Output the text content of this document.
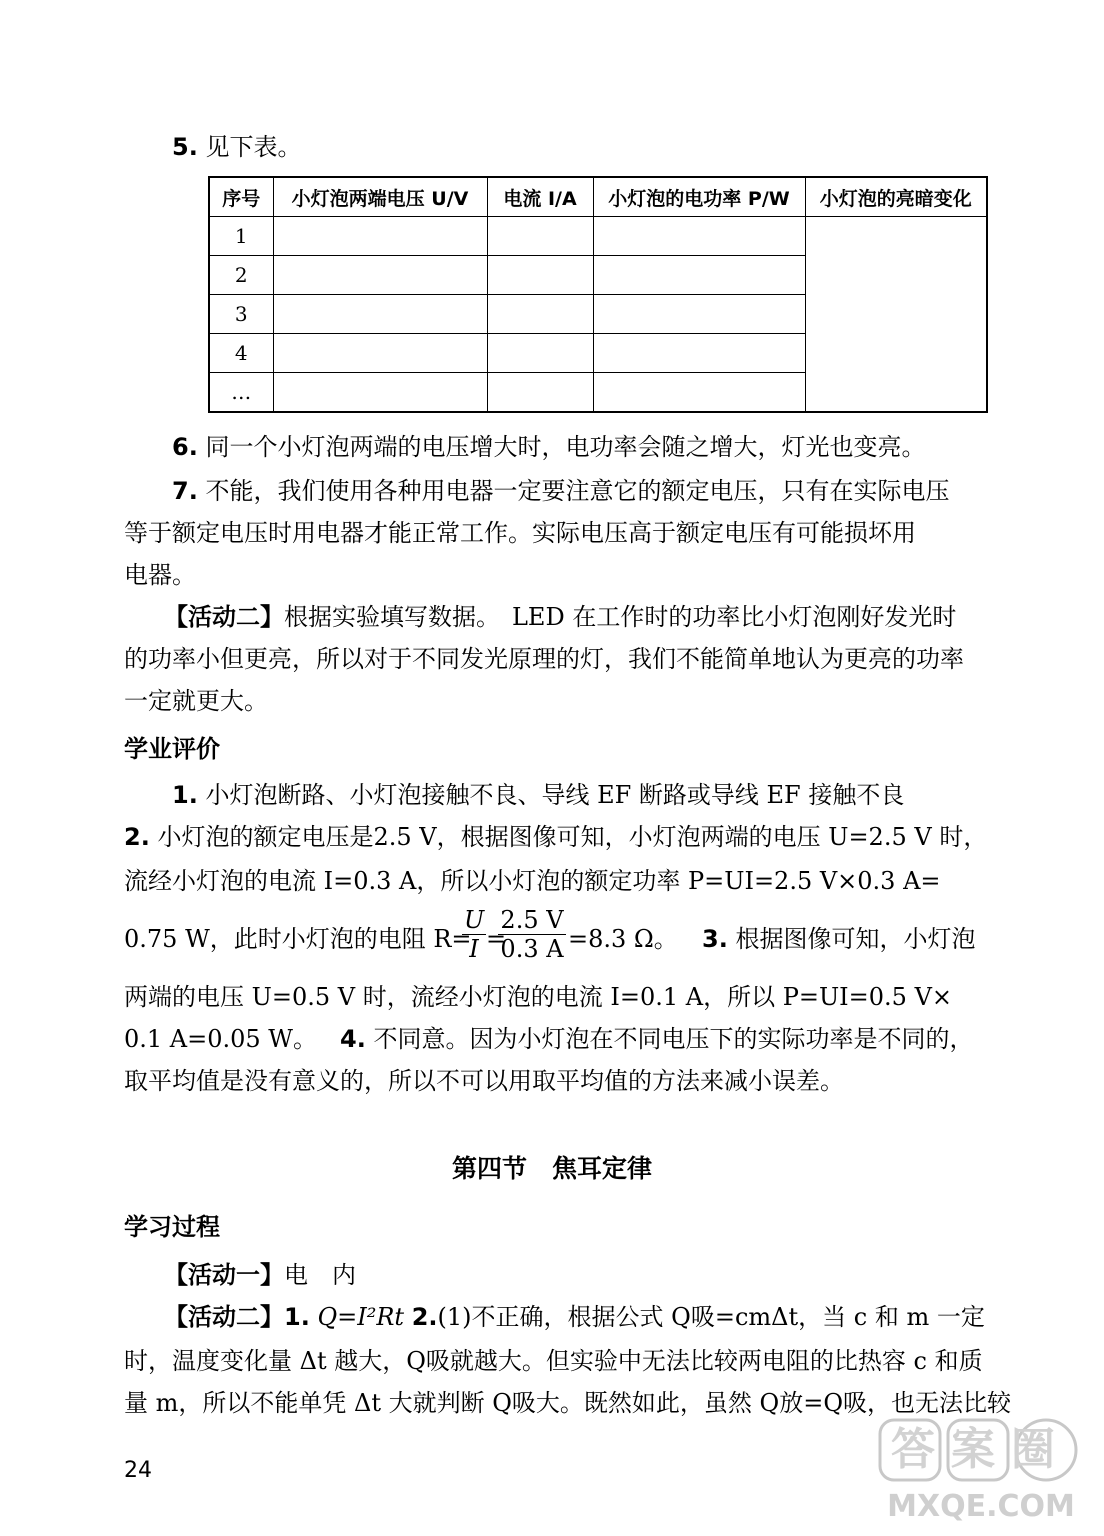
5. 见下表。
序号	小灯泡两端电压 U/V	电流 I/A	小灯泡的电功率 P/W	小灯泡的亮暗变化
1				
2				
3				
4				
…				
6. 同一个小灯泡两端的电压增大时，电功率会随之增大，灯光也变亮。
7. 不能，我们使用各种用电器一定要注意它的额定电压，只有在实际电压
等于额定电压时用电器才能正常工作。实际电压高于额定电压有可能损坏用
电器。
【活动二】根据实验填写数据。　LED 在工作时的功率比小灯泡刚好发光时
的功率小但更亮，所以对于不同发光原理的灯，我们不能简单地认为更亮的功率
一定就更大。
学业评价
1. 小灯泡断路、小灯泡接触不良、导线 EF 断路或导线 EF 接触不良
2. 小灯泡的额定电压是2.5 V，根据图像可知，小灯泡两端的电压 U=2.5 V 时，
流经小灯泡的电流 I=0.3 A，所以小灯泡的额定功率 P=UI=2.5 V×0.3 A=
0.75 W，此时小灯泡的电阻 R=
$\frac{U}{I}$ =
$\frac{2.5 V}{0.3 A} =8.3$ Ω。 3. 根据图像可知，小灯泡
两端的电压 U=0.5 V 时，流经小灯泡的电流 I=0.1 A，所以 P=UI=0.5 V×
0.1 A=0.05 W。 4. 不同意。因为小灯泡在不同电压下的实际功率是不同的，
取平均值是没有意义的，所以不可以用取平均值的方法来减小误差。
第四节　焦耳定律
学习过程
【活动一】电　内
【活动二】1. Q=I²Rt 2.(1)不正确，根据公式 Q吸=cmΔt，当 c 和 m 一定
时，温度变化量 Δt 越大，Q吸就越大。但实验中无法比较两电阻的比热容 c 和质
量 m，所以不能单凭 Δt 大就判断 Q吸大。既然如此，虽然 Q放=Q吸，也无法比较
24	答案圈
MXQE.COM
